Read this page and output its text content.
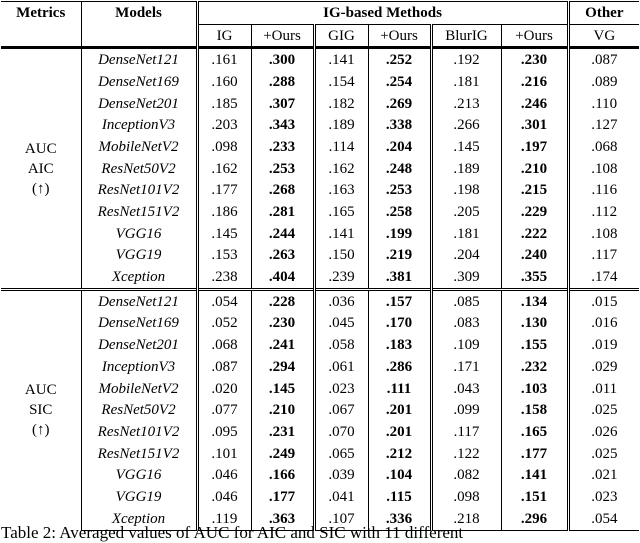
Metrics	Models	IG-based Methods						Other
		IG	+Ours	GIG	+Ours	BlurIG	+Ours	VG

AUC
AIC
(↑)	DenseNet121	.161	.300	.141	.252	.192	.230	.087
	DenseNet169	.160	.288	.154	.254	.181	.216	.089
	DenseNet201	.185	.307	.182	.269	.213	.246	.110
	InceptionV3	.203	.343	.189	.338	.266	.301	.127
	MobileNetV2	.098	.233	.114	.204	.145	.197	.068
	ResNet50V2	.162	.253	.162	.248	.189	.210	.108
	ResNet101V2	.177	.268	.163	.253	.198	.215	.116
	ResNet151V2	.186	.281	.165	.258	.205	.229	.112
	VGG16	.145	.244	.141	.199	.181	.222	.108
	VGG19	.153	.263	.150	.219	.204	.240	.117
	Xception	.238	.404	.239	.381	.309	.355	.174

AUC
SIC
(↑)	DenseNet121	.054	.228	.036	.157	.085	.134	.015
	DenseNet169	.052	.230	.045	.170	.083	.130	.016
	DenseNet201	.068	.241	.058	.183	.109	.155	.019
	InceptionV3	.087	.294	.061	.286	.171	.232	.029
	MobileNetV2	.020	.145	.023	.111	.043	.103	.011
	ResNet50V2	.077	.210	.067	.201	.099	.158	.025
	ResNet101V2	.095	.231	.070	.201	.117	.165	.026
	ResNet151V2	.101	.249	.065	.212	.122	.177	.025
	VGG16	.046	.166	.039	.104	.082	.141	.021
	VGG19	.046	.177	.041	.115	.098	.151	.023
	Xception	.119	.363	.107	.336	.218	.296	.054
Table 2: Averaged values of AUC for AIC and SIC with 11 different
